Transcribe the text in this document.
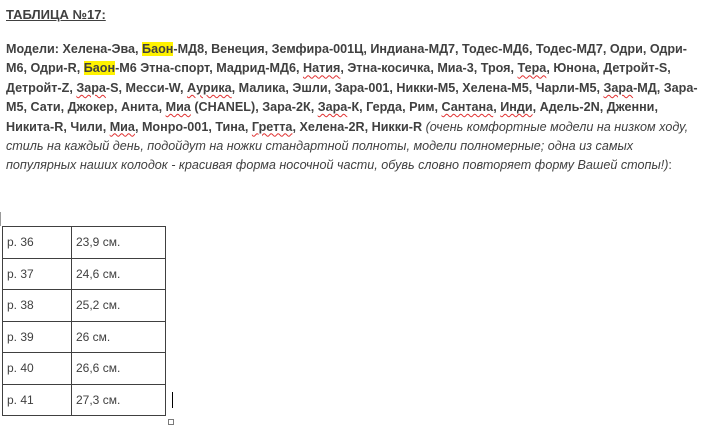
ТАБЛИЦА №17:

Модели: Хелена-Эва, Баон-МД8, Венеция, Земфира-001Ц, Индиана-МД7, Тодес-МД6, Тодес-МД7, Одри, Одри-М6, Одри-R, Баон-М6 Этна-спорт, Мадрид-МД6, Натия, Этна-косичка, Миа-3, Троя, Тера, Юнона, Детройт-S, Детройт-Z, Зара-S, Месси-W, Аурика, Малика, Эшли, Зара-001, Никки-М5, Хелена-М5, Чарли-М5, Зара-МД, Зара-М5, Сати, Джокер, Анита, Миа (CHANEL), Зара-2К, Зара-К, Герда, Рим, Сантана, Инди, Адель-2N, Дженни, Никита-R, Чили, Миа, Монро-001, Тина, Гретта, Хелена-2R, Никки-R (очень комфортные модели на низком ходу, стиль на каждый день, подойдут на ножки стандартной полноты, модели полномерные; одна из самых популярных наших колодок - красивая форма носочной части, обувь словно повторяет форму Вашей стопы!):

р. 36	23,9 см.
р. 37	24,6 см.
р. 38	25,2 см.
р. 39	26 см.
р. 40	26,6 см.
р. 41	27,3 см.
